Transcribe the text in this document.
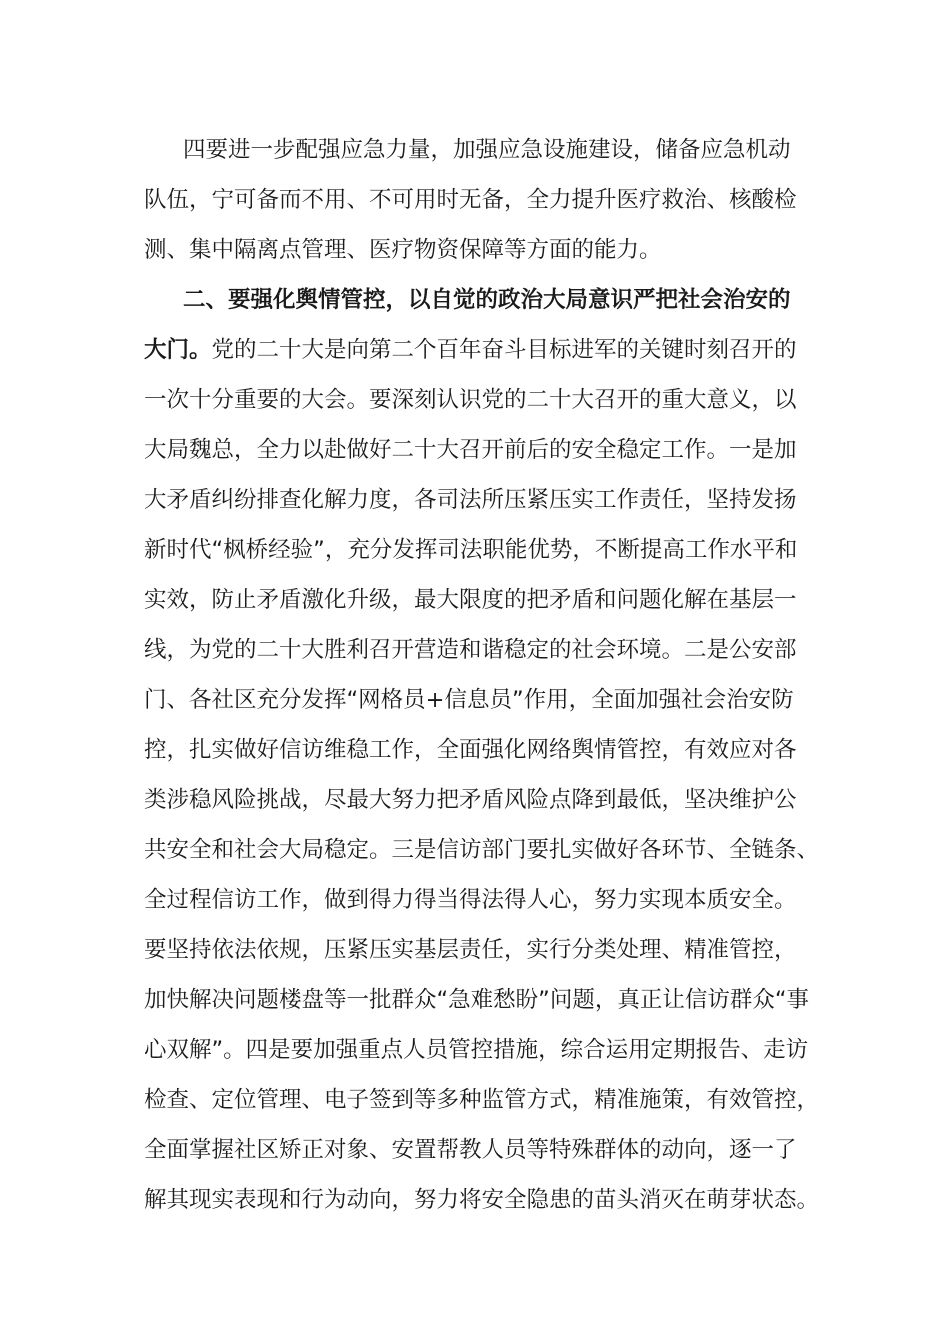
四要进一步配强应急力量，加强应急设施建设，储备应急机动
队伍，宁可备而不用、不可用时无备，全力提升医疗救治、核酸检
测、集中隔离点管理、医疗物资保障等方面的能力。
二、要强化舆情管控，以自觉的政治大局意识严把社会治安的
大门。党的二十大是向第二个百年奋斗目标进军的关键时刻召开的
一次十分重要的大会。要深刻认识党的二十大召开的重大意义，以
大局魏总，全力以赴做好二十大召开前后的安全稳定工作。一是加
大矛盾纠纷排查化解力度，各司法所压紧压实工作责任，坚持发扬
新时代“枫桥经验”，充分发挥司法职能优势，不断提高工作水平和
实效，防止矛盾激化升级，最大限度的把矛盾和问题化解在基层一
线，为党的二十大胜利召开营造和谐稳定的社会环境。二是公安部
门、各社区充分发挥“网格员+信息员”作用，全面加强社会治安防
控，扎实做好信访维稳工作，全面强化网络舆情管控，有效应对各
类涉稳风险挑战，尽最大努力把矛盾风险点降到最低，坚决维护公
共安全和社会大局稳定。三是信访部门要扎实做好各环节、全链条、
全过程信访工作，做到得力得当得法得人心，努力实现本质安全。
要坚持依法依规，压紧压实基层责任，实行分类处理、精准管控，
加快解决问题楼盘等一批群众“急难愁盼”问题，真正让信访群众“事
心双解”。四是要加强重点人员管控措施，综合运用定期报告、走访
检查、定位管理、电子签到等多种监管方式，精准施策，有效管控，
全面掌握社区矫正对象、安置帮教人员等特殊群体的动向，逐一了
解其现实表现和行为动向，努力将安全隐患的苗头消灭在萌芽状态。
